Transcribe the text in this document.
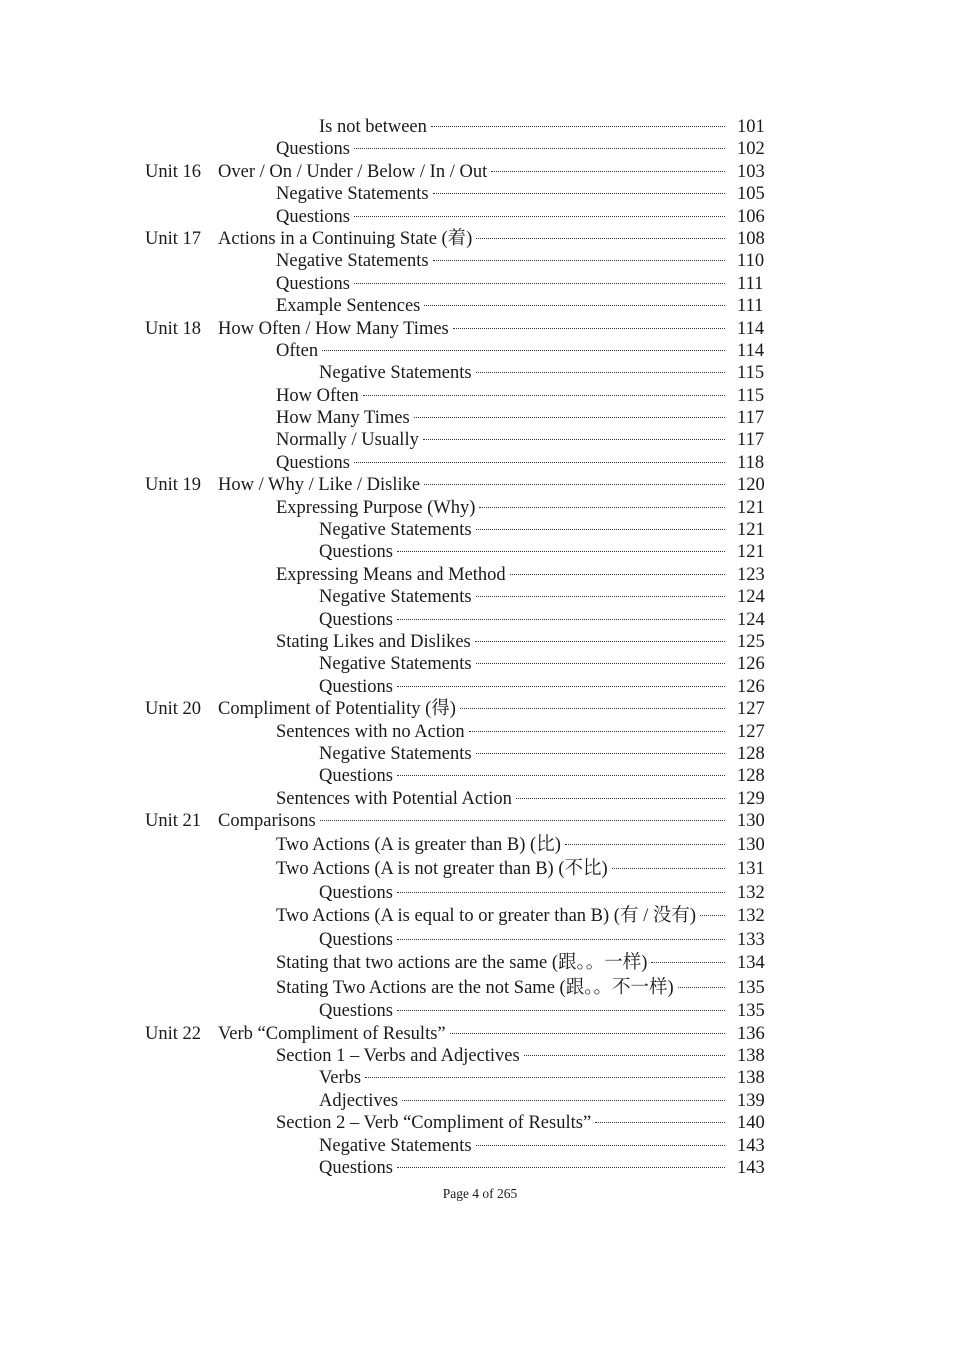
Is not between	101
Questions	102
Unit 16 Over / On / Under / Below / In / Out	103
Negative Statements	105
Questions	106
Unit 17 Actions in a Continuing State (着)	108
Negative Statements	110
Questions	111
Example Sentences	111
Unit 18 How Often / How Many Times	114
Often	114
Negative Statements	115
How Often	115
How Many Times	117
Normally / Usually	117
Questions	118
Unit 19 How / Why / Like / Dislike	120
Expressing Purpose (Why)	121
Negative Statements	121
Questions	121
Expressing Means and Method	123
Negative Statements	124
Questions	124
Stating Likes and Dislikes	125
Negative Statements	126
Questions	126
Unit 20 Compliment of Potentiality (得)	127
Sentences with no Action	127
Negative Statements	128
Questions	128
Sentences with Potential Action	129
Unit 21 Comparisons	130
Two Actions (A is greater than B) (比)	130
Two Actions (A is not greater than B) (不比)	131
Questions	132
Two Actions (A is equal to or greater than B) (有 / 没有) 132
Questions	133
Stating that two actions are the same (跟。。一样)	134
Stating Two Actions are the not Same (跟。。不一样)	135
Questions	135
Unit 22 Verb “Compliment of Results”	136
Section 1 – Verbs and Adjectives	138
Verbs	138
Adjectives	139
Section 2 – Verb “Compliment of Results”	140
Negative Statements	143
Questions	143
Page 4 of 265
